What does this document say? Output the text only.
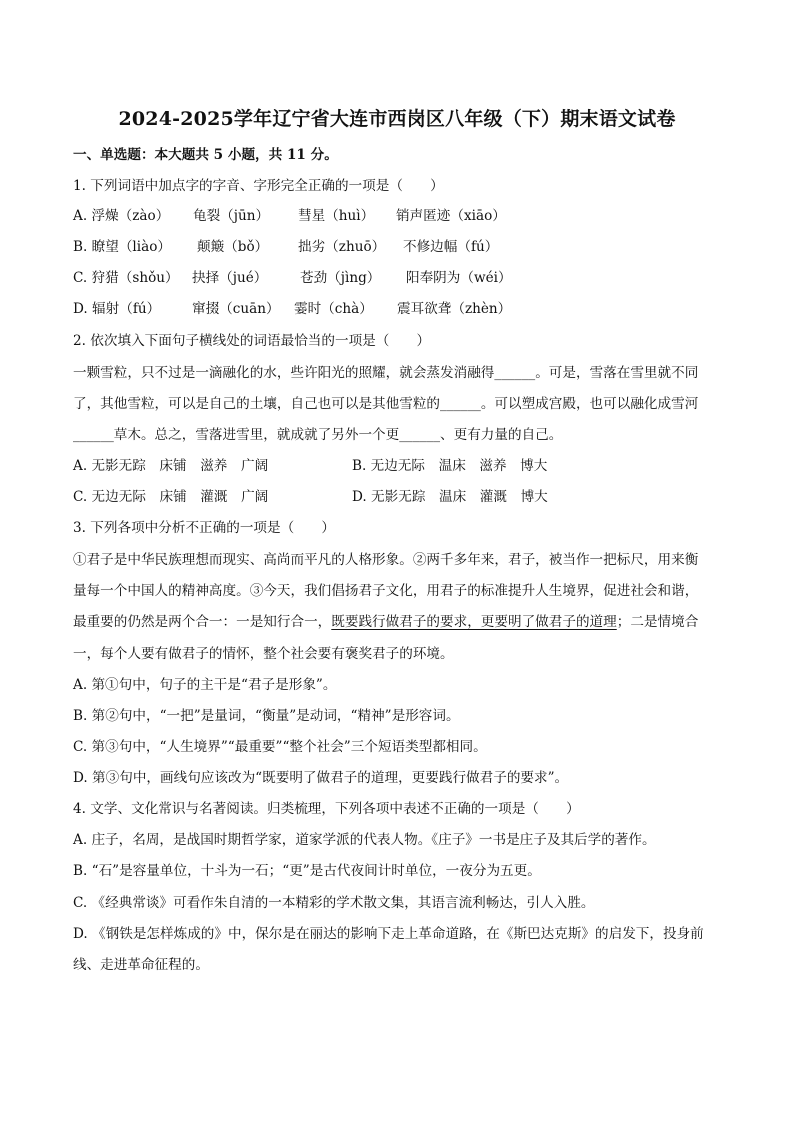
2024-2025学年辽宁省大连市西岗区八年级（下）期末语文试卷
一、单选题：本大题共 5 小题，共 11 分。
1. 下列词语中加点字的字音、字形完全正确的一项是（　　）
A. 浮燥（zào） 龟裂（jūn） 彗星（huì） 销声匿迹（xiāo）
B. 瞭望（liào） 颠簸（bǒ） 拙劣（zhuō） 不修边幅（fú）
C. 狩猎（shǒu） 抉择（jué） 苍劲（jìng） 阳奉阴为（wéi）
D. 辐射（fú） 窜掇（cuān） 霎时（chà） 震耳欲聋（zhèn）
2. 依次填入下面句子横线处的词语最恰当的一项是（　　）
一颗雪粒，只不过是一滴融化的水，些许阳光的照耀，就会蒸发消融得______。可是，雪落在雪里就不同
了，其他雪粒，可以是自己的土壤，自己也可以是其他雪粒的______。可以塑成宫殿，也可以融化成雪河
______草木。总之，雪落进雪里，就成就了另外一个更______、更有力量的自己。
A. 无影无踪　床铺　滋养　广阔	B. 无边无际　温床　滋养　博大
C. 无边无际　床铺　灌溉　广阔	D. 无影无踪　温床　灌溉　博大
3. 下列各项中分析不正确的一项是（　　）
①君子是中华民族理想而现实、高尚而平凡的人格形象。②两千多年来，君子，被当作一把标尺，用来衡
量每一个中国人的精神高度。③今天，我们倡扬君子文化，用君子的标准提升人生境界，促进社会和谐，
最重要的仍然是两个合一：一是知行合一，既要践行做君子的要求，更要明了做君子的道理；二是情境合
一，每个人要有做君子的情怀，整个社会要有褒奖君子的环境。
A. 第①句中，句子的主干是“君子是形象”。
B. 第②句中，“一把”是量词，“衡量”是动词，“精神”是形容词。
C. 第③句中，“人生境界”“最重要”“整个社会”三个短语类型都相同。
D. 第③句中，画线句应该改为“既要明了做君子的道理，更要践行做君子的要求”。
4. 文学、文化常识与名著阅读。归类梳理，下列各项中表述不正确的一项是（　　）
A. 庄子，名周，是战国时期哲学家，道家学派的代表人物。《庄子》一书是庄子及其后学的著作。
B. “石”是容量单位，十斗为一石；“更”是古代夜间计时单位，一夜分为五更。
C. 《经典常谈》可看作朱自清的一本精彩的学术散文集，其语言流利畅达，引人入胜。
D. 《钢铁是怎样炼成的》中，保尔是在丽达的影响下走上革命道路，在《斯巴达克斯》的启发下，投身前
线、走进革命征程的。
